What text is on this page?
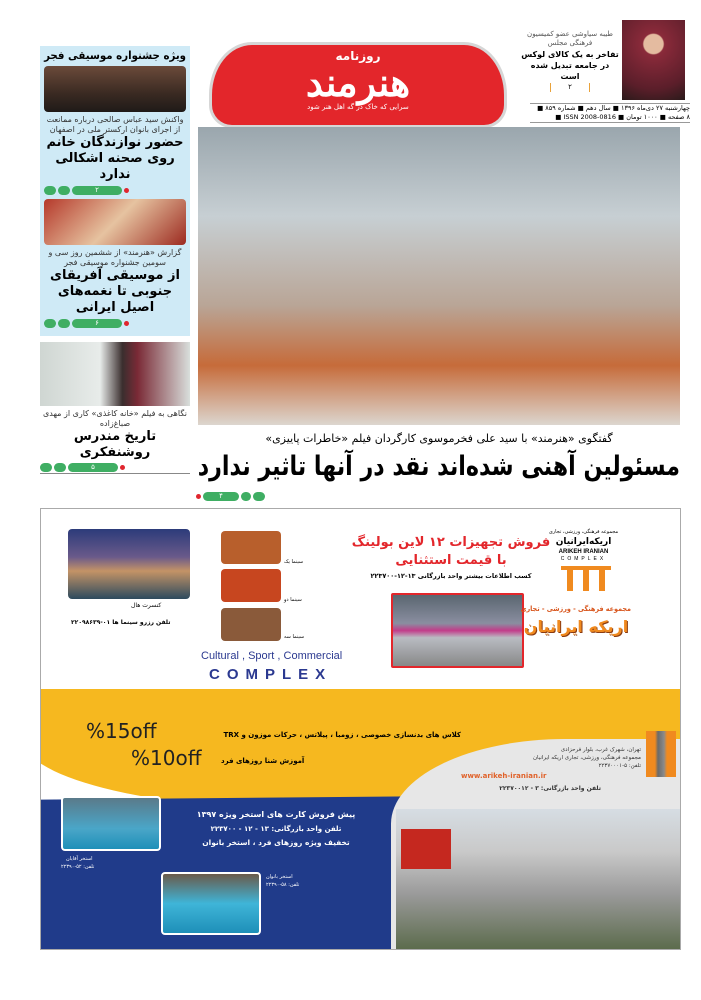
ویژه جشنواره موسیقی فجر
واکنش سید عباس صالحی درباره ممانعت از اجرای بانوان ارکستر ملی در اصفهان
حضور نوازندگان خانم روی صحنه اشکالی ندارد
۲
گزارش «هنرمند» از ششمین روز سی و سومین جشنواره موسیقی فجر
از موسیقی آفریقای جنوبی تا نغمه‌های اصیل ایرانی
۶
نگاهی به فیلم «خانه کاغذی» کاری از مهدی صباغ‌زاده
تاریخ مندرس روشنفکری
۵
روزنامه
هنرمند
سرایی که خاک در گه اهل هنر شود
طیبه سیاوشی عضو کمیسیون فرهنگی مجلس
تفاخر به یک کالای لوکس در جامعه تبدیل شده است
۲
چهارشنبه ۲۷ دی‌ماه ۱۳۹۶ ■ سال دهم ■ شماره ۸۵۹ ■
۸ صفحه ■ ۱۰۰۰ تومان ■ ISSN 2008-0816 ■
گفتگوی «هنرمند» با سید علی فخرموسوی کارگردان فیلم «خاطرات پاییزی»
مسئولین آهنی شده‌اند نقد در آنها تاثیر ندارد
۴
کنسرت هال
تلفن رزرو سینما ها ۰۱-۲۲۰۹۸۶۳۹
سینما یک
سینما دو
سینما سه
Cultural , Sport , Commercial
COMPLEX
فروش تجهیزات ۱۲ لاین بولینگ
با قیمت استثنایی
کسب اطلاعات بیشتر واحد بازرگانی ۱۳-۱۲-۲۲۳۷۰۰
مجموعه فرهنگی، ورزشی، تجاری
اریکه‌ایرانیان
ARIKEH IRANIAN
COMPLEX
مجموعه فرهنگی - ورزشی - تجاری
اریکه ایرانیان
کلاس های بدنسازی خصوصی ، زومبا ، پیلاتس ، حرکات موزون و TRX
%15off
آموزش شنا روزهای فرد
%10off	تهران، شهرک غرب، بلوار فرحزادی
مجموعه فرهنگی، ورزشی، تجاری اریکه ایرانیان
تلفن: ۵-۲۲۳۷۰۰۰۱
www.arikeh-iranian.ir
تلفن واحد بازرگانی: ۳ - ۲۲۳۷۰۰۱۲
استخر آقایان
تلفن: ۵۲-۲۲۳۹۰
استخر بانوان
تلفن: ۵۸-۲۲۳۹۰
پیش فروش کارت های استخر ویژه ۱۳۹۷
تلفن واحد بازرگانی: ۱۳ - ۱۲ - ۲۲۳۷۰۰
تخفیف ویژه روزهای فرد ، استخر بانوان
